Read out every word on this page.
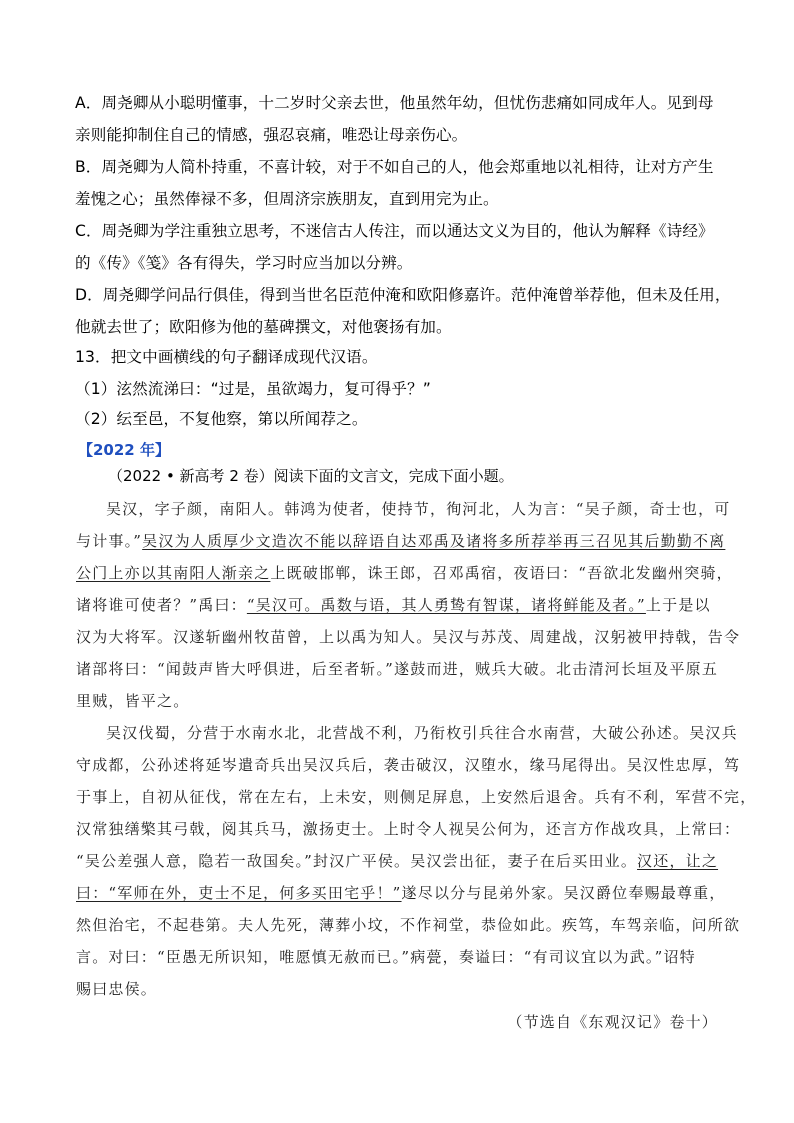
A．周尧卿从小聪明懂事，十二岁时父亲去世，他虽然年幼，但忧伤悲痛如同成年人。见到母
亲则能抑制住自己的情感，强忍哀痛，唯恐让母亲伤心。
B．周尧卿为人简朴持重，不喜计较，对于不如自己的人，他会郑重地以礼相待，让对方产生
羞愧之心；虽然俸禄不多，但周济宗族朋友，直到用完为止。
C．周尧卿为学注重独立思考，不迷信古人传注，而以通达文义为目的，他认为解释《诗经》
的《传》《笺》各有得失，学习时应当加以分辨。
D．周尧卿学问品行俱佳，得到当世名臣范仲淹和欧阳修嘉许。范仲淹曾举荐他，但未及任用，
他就去世了；欧阳修为他的墓碑撰文，对他褒扬有加。
13．把文中画横线的句子翻译成现代汉语。
（1）泫然流涕曰：“过是，虽欲竭力，复可得乎？”
（2）纭至邑，不复他察，第以所闻荐之。
【2022 年】
（2022 • 新高考 2 卷）阅读下面的文言文，完成下面小题。
吴汉，字子颜，南阳人。韩鸿为使者，使持节，徇河北，人为言：“吴子颜，奇士也，可
与计事。”吴汉为人质厚少文造次不能以辞语自达邓禹及诸将多所荐举再三召见其后勤勤不离
公门上亦以其南阳人渐亲之上既破邯郸，诛王郎，召邓禹宿，夜语曰：“吾欲北发幽州突骑，
诸将谁可使者？”禹曰：“吴汉可。禹数与语，其人勇鸷有智谋，诸将鲜能及者。”上于是以
汉为大将军。汉遂斩幽州牧苗曾，上以禹为知人。吴汉与苏茂、周建战，汉躬被甲持戟，告令
诸部将曰：“闻鼓声皆大呼俱进，后至者斩。”遂鼓而进，贼兵大破。北击清河长垣及平原五
里贼，皆平之。
吴汉伐蜀，分营于水南水北，北营战不利，乃衔枚引兵往合水南营，大破公孙述。吴汉兵
守成都，公孙述将延岑遣奇兵出吴汉兵后，袭击破汉，汉堕水，缘马尾得出。吴汉性忠厚，笃
于事上，自初从征伐，常在左右，上未安，则侧足屏息，上安然后退舍。兵有不利，军营不完，
汉常独缮檠其弓戟，阅其兵马，激扬吏士。上时令人视吴公何为，还言方作战攻具，上常曰：
“吴公差强人意，隐若一敌国矣。”封汉广平侯。吴汉尝出征，妻子在后买田业。汉还，让之
曰：“军师在外，吏士不足，何多买田宅乎！”遂尽以分与昆弟外家。吴汉爵位奉赐最尊重，
然但治宅，不起巷第。夫人先死，薄葬小坟，不作祠堂，恭俭如此。疾笃，车驾亲临，问所欲
言。对曰：“臣愚无所识知，唯愿慎无赦而已。”病甍，奏谥曰：“有司议宜以为武。”诏特
赐曰忠侯。
（节选自《东观汉记》卷十）
